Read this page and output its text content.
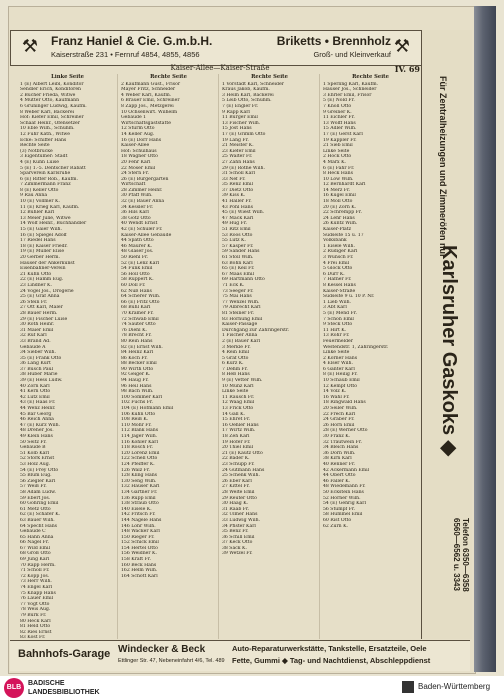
⚒	Franz Haniel & Cie. G.m.b.H.	Briketts • Brennholz
Kaiserstraße 231 • Fernruf 4854, 4855, 4856	Groß- und Kleinverkauf ⚒
Kaiser-Allee—Kaiser-Straße	IV. 69
Linke Seite
1 (E) Albert Leibl, Konditor
Sendler Erich, Konditoren
2 Bucher Frieda, Witwe
4 Mutter Otto, Kaufmann
6 Grüninger Ludwig, Kaufm.
8 Weber Karl, Bäckerei
Hof: Kiefer Emil, Schreiner
Schaaf Heinr., Ofensetzer
10 Eble Wilh., Schuhm.
12 Fuhr Kath., Witwe
Ecke: Schiffer Hans
Rechte Seite
(3) Notbrücke
3 Eigentümer: Stadt
4 (E) Kuhn Luise
5 (E) 1.-5. Dentscher Rabatt
Sparverein Karlsruhe
6 (E) Ritter Rob., Kaufm.
7 Zimmermann Franz
8 (E) Keller Otto
9 Rau Anna
10 (E) Vollmer K.
11 (E) Krieg Karl, Kaufm.
12 Bühler Karl
13 Meier Julie, Witwe
14 Wolf Heinr., Buchhändler
15 (E) Gaier Wilh.
16 (E) Spiegel Adolf
17 Riedel Hans
18 (E) Kaiser Friedr.
19 (E) Müller Elise
20 Gerber Herm.
Häuser der Ankerkunst
Eisenbahner-Verein
21 Kuhn Otto
22 (E) Hamm Eug.
23 Lindner K.
24 Vogel Jos., Drogerie
25 (E) Graf Anna
26 Stein Fr.
27 Ott Karl, Maler
28 Bauer Herm.
29 (E) Fischer Luise
30 Roth Heinr.
31 Maier Emil
32 Ruf Karl
33 Brand Ad.
Gebäude A
34 Sieber Wilh.
35 (E) Frank Otto
36 Lang Kurt
37 Busch Paul
38 Huber Marie
39 (E) Hess Ludw.
40 Zorn Karl
41 Kern Otto
42 Lutz Emil
43 (E) Haas Fr.
44 Wenz Heinr.
45 Bär Georg
46 Reich Anna
47 (E) Kurz Wilh.
48 Dreher Jos.
49 Klein Hans
50 Seitz Fr.
Gebäude B
51 Kolb Karl
52 Stork Ernst
53 Holz Aug.
54 (E) Frey Otto
55 Blum Eug.
56 Ziegler Karl
57 Weiß Fr.
58 Adam Ludw.
59 Ebert Jos.
60 Göhring Emil
61 Metz Otto
62 (E) Schäfer K.
63 Bauer Wilh.
64 Specht Hans
Gebäude C
65 Hahn Anna
66 Nagel Fr.
67 Wild Emil
68 Groß Otto
69 Jung Karl
70 Rapp Herm.
71 Scholl Fr.
72 Kopp Jos.
73 Herr Wilh.
74 Engel Karl
75 Knapp Hans
76 Lauer Emil
77 Vogt Otto
78 Weis Aug.
79 Burk Fr.
80 Heck Karl
81 Held Otto
82 Ries Ernst
83 Kost Fr.
Rechte Seite
2 Kaufmann Gust., Frisör
Mayer Fritz, Schneider
4 Weber Karl, Kaufm.
6 Bräuer Emil, Schreiner
8 Zapp Jos., Metzgerei
10 Ochsenwirt. Wilhelm
Gebäude 1
Wirtschaftsgaststätte
12 Sturm Otto
14 Keller Aug.
16 (E) Dörr Hans
Kaiser-Allee
Hof: Schulhaus
18 Wagner Otto
20 Fehr Karl
22 Moser Emil
24 Stern Fr.
26 (E) Bürgergarten
Wirtschaft
28 Zimmer Heinr.
30 Pfaff Wilh.
32 (E) Bauer Anna
34 Kessler Fr.
36 Hils Karl
38 Götz Otto
40 Wendt Ernst
42 (E) Schuler Fr.
Kaiser-Allee Gebäude
44 Späth Otto
46 Maurer K.
48 Glaser Jos.
50 Riehl Fr.
52 (E) Lenz Karl
54 Funk Emil
56 Höll Otto
58 Ruppert K.
60 Doll Fr.
62 Nuß Hans
64 Scherer Wilh.
66 (E) Fritz Otto
68 Bühl Karl
70 Kramer Fr.
72 Schwab Emil
74 Sauter Otto
76 Diehl K.
78 Brecht Fr.
80 Rein Hans
82 (E) Ernst Wilh.
84 Heinz Karl
86 Koch Fr.
88 Becker Emil
90 Wirth Otto
92 Geiger K.
94 Haug Fr.
96 Heil Hans
98 Bach Wilh.
100 Sommer Karl
102 Fuchs Fr.
104 (E) Hofmann Emil
106 Kuhn Otto
108 Reiß K.
110 Mohr Fr.
112 Blank Hans
114 Jäger Wilh.
116 Köhler Karl
118 Rösch Fr.
120 Lorenz Emil
122 Schell Otto
124 Pfeiffer K.
126 Walz Fr.
128 Kling Hans
130 Seng Wilh.
132 Hauser Karl
134 Gärtner Fr.
136 Rupp Emil
138 Straub Otto
140 Eisele K.
142 Fritsch Fr.
144 Nägele Hans
146 Lohr Wilh.
148 Wacker Karl
150 Rieger Fr.
152 Schick Emil
154 Hertel Otto
156 Weidner K.
158 Kraft Fr.
160 Beck Hans
162 Helm Wilh.
164 Schott Karl
Rechte Seite
1 Vorstadt Karl, Schneider
Kraus Jakob, Kaufm.
3 Heim Karl, Bäckerei
5 Leib Otto, Schuhm.
7 (E) Engler Fr.
9 Rapp Karl
11 Burger Emil
13 Fischer Wilh.
15 Jost Hans
17 (E) Grimm Otto
19 Lang Fr.
21 Meister K.
23 Kiefer Emil
25 Walter Fr.
27 Zahn Hans
29 (E) Rothe Wilh.
31 Schöll Karl
33 Nef Fr.
35 Renz Emil
37 Dietz Otto
39 Kiss K.
41 Haller Fr.
43 Pohl Hans
45 (E) Wiest Wilh.
47 Mack Karl
49 Hug Fr.
51 Ritz Emil
53 Roos Otto
55 Lutz K.
57 Kasper Fr.
59 Sander Hans
61 Stoll Wilh.
63 Bohn Karl
65 (E) Keil Fr.
67 Maas Emil
69 Hartmann Otto
71 Eck K.
73 Seeger Fr.
75 Mai Hans
77 Wenzel Wilh.
79 Albrecht Karl
81 Steiner Fr.
83 Hornung Emil
Kaiser-Passage
Durchgang zur Zähringerstr.
1 Fischer Anna
2 (E) Bauer Karl
3 Merkle Fr.
4 Rein Emil
5 Graf Otto
6 Kurz K.
7 Dehm Fr.
8 Heß Hans
9 (E) Vetter Wilh.
10 Munz Karl
Linke Seite
11 Rausch Fr.
12 Waag Emil
13 Frick Otto
14 Gall K.
15 Ehret Fr.
16 Oehler Hans
17 Wirtz Wilh.
18 Zeh Karl
19 Hofer Fr.
20 Thiel Emil
21 (E) Kautz Otto
22 Bader K.
23 Schupp Fr.
24 Gutmann Hans
25 Schenk Wilh.
26 Eber Karl
27 Kittel Fr.
28 Welte Emil
29 Reuter Otto
30 Haag K.
31 Raab Fr.
32 Ulmer Hans
33 Ludwig Wilh.
34 Pfister Karl
35 Benz Fr.
36 Schill Emil
37 Keck Otto
38 Sack K.
39 Wetzel Fr.
Rechte Seite
1 Sperling Karl, Kaufm.
Hauser Jos., Schneider
3 Ehrler Emil, Frisör
5 (E) Nold Fr.
7 Knöll Otto
9 Greiner K.
11 Eichler Fr.
13 Wolff Hans
15 Adler Wilh.
17 (E) Gerst Karl
19 Kappler Fr.
21 Sieb Emil
Linke Seite
2 Hock Otto
4 Marx K.
6 (E) Fahr Fr.
8 Heck Hans
10 Löw Wilh.
12 Bernhardt Karl
14 Merz Fr.
16 Kugel Emil
18 Moll Otto
20 (E) Zorn K.
22 Schrempp Fr.
24 Lehr Hans
26 Kuntz Wilh.
Kaiser-Platz
Südseite 15 u. 17
Volksbank
1 Eisele Wilh.
2 Rüdiger Karl
3 Wunsch Fr.
4 Frei Emil
5 Glock Otto
6 Dürr K.
7 Häfner Fr.
8 Kessel Hans
Kaiser-Straße
Südseite 9 u. 10 P. Nr.
1 Lieb Wilh.
3 Abt Karl
5 (E) Mend Fr.
7 Schön Emil
9 Steck Otto
11 Hirt K.
13 Rohr Fr.
Feuermelder
Westendstr. 1, Zähringerstr.
Linke Seite
2 Körner Hans
4 Elser Wilh.
6 Ganter Karl
8 (E) Heilig Fr.
10 Schaub Emil
12 Kempf Otto
14 Volz K.
16 Wahl Fr.
18 Ringwald Hans
20 Seiler Wilh.
22 Frech Karl
24 Gräber Fr.
26 Horn Emil
28 (E) Werner Otto
30 Franz K.
32 Trautwein Fr.
34 Bleich Hans
36 Dorn Wilh.
38 Kirn Karl
40 Renner Fr.
42 Ackermann Emil
44 Obert Otto
46 Faller K.
48 Wiedemann Fr.
50 Eckstein Hans
52 Hörner Wilh.
54 (E) Gehrig Karl
56 Stumpf Fr.
58 Hummel Emil
60 Rist Otto
62 Zürn K.
Für Zentralheizungen und Zimmeröfen nur
Karlsruher Gaskoks ◆
Telefon 6350—6358
6560—6562 u. 3343
Bahnhofs-Garage Windecker & Beck
Ettlinger Str. 47, Nebeneinfahrt 4/6, Tel. 489
Auto-Reparaturwerkstätte, Tankstelle, Ersatzteile, Oele
Fette, Gummi ◆ Tag- und Nachtdienst, Abschleppdienst
BLB
BADISCHE
LANDESBIBLIOTHEK
Baden-Württemberg
